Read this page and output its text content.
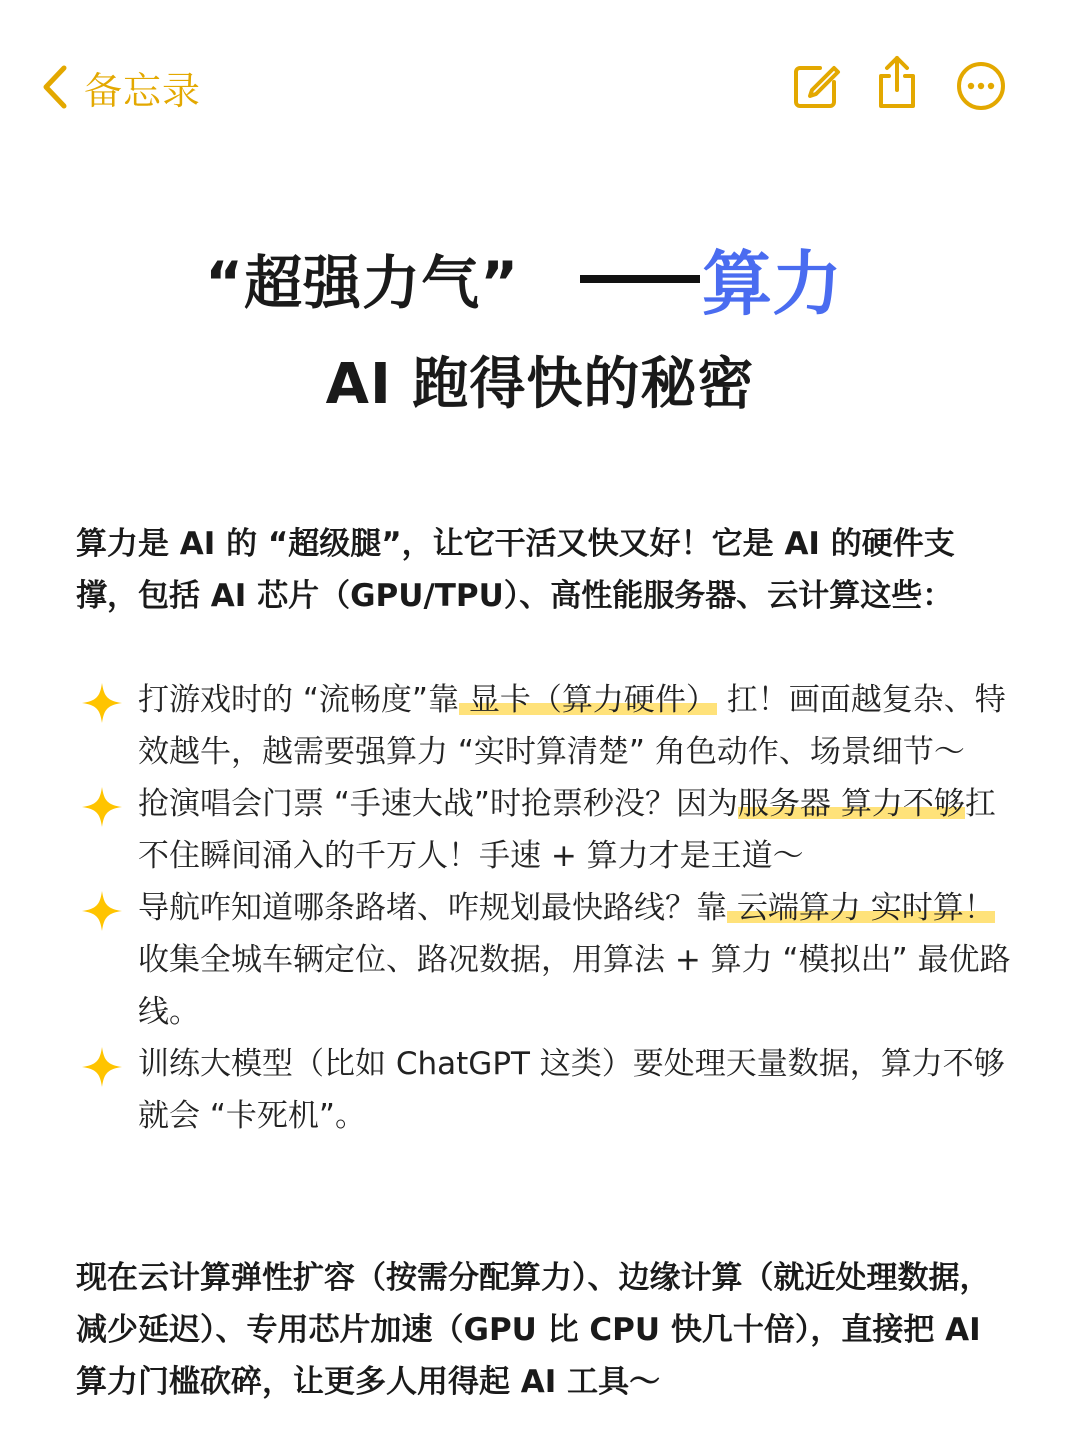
备忘录
“超强力气”	算力
AI 跑得快的秘密
算力是 AI 的 “超级腿”，让它干活又快又好！它是 AI 的硬件支撑，包括 AI 芯片（GPU/TPU）、高性能服务器、云计算这些：
打游戏时的 “流畅度”靠 显卡（算力硬件） 扛！画面越复杂、特效越牛，越需要强算力 “实时算清楚” 角色动作、场景细节～
抢演唱会门票 “手速大战”时抢票秒没？因为服务器 算力不够扛不住瞬间涌入的千万人！手速 + 算力才是王道～
导航咋知道哪条路堵、咋规划最快路线？靠 云端算力 实时算！收集全城车辆定位、路况数据，用算法 + 算力 “模拟出” 最优路线。
训练大模型（比如 ChatGPT 这类）要处理天量数据，算力不够就会 “卡死机”。
现在云计算弹性扩容（按需分配算力）、边缘计算（就近处理数据，减少延迟）、专用芯片加速（GPU 比 CPU 快几十倍），直接把 AI 算力门槛砍碎，让更多人用得起 AI 工具～
